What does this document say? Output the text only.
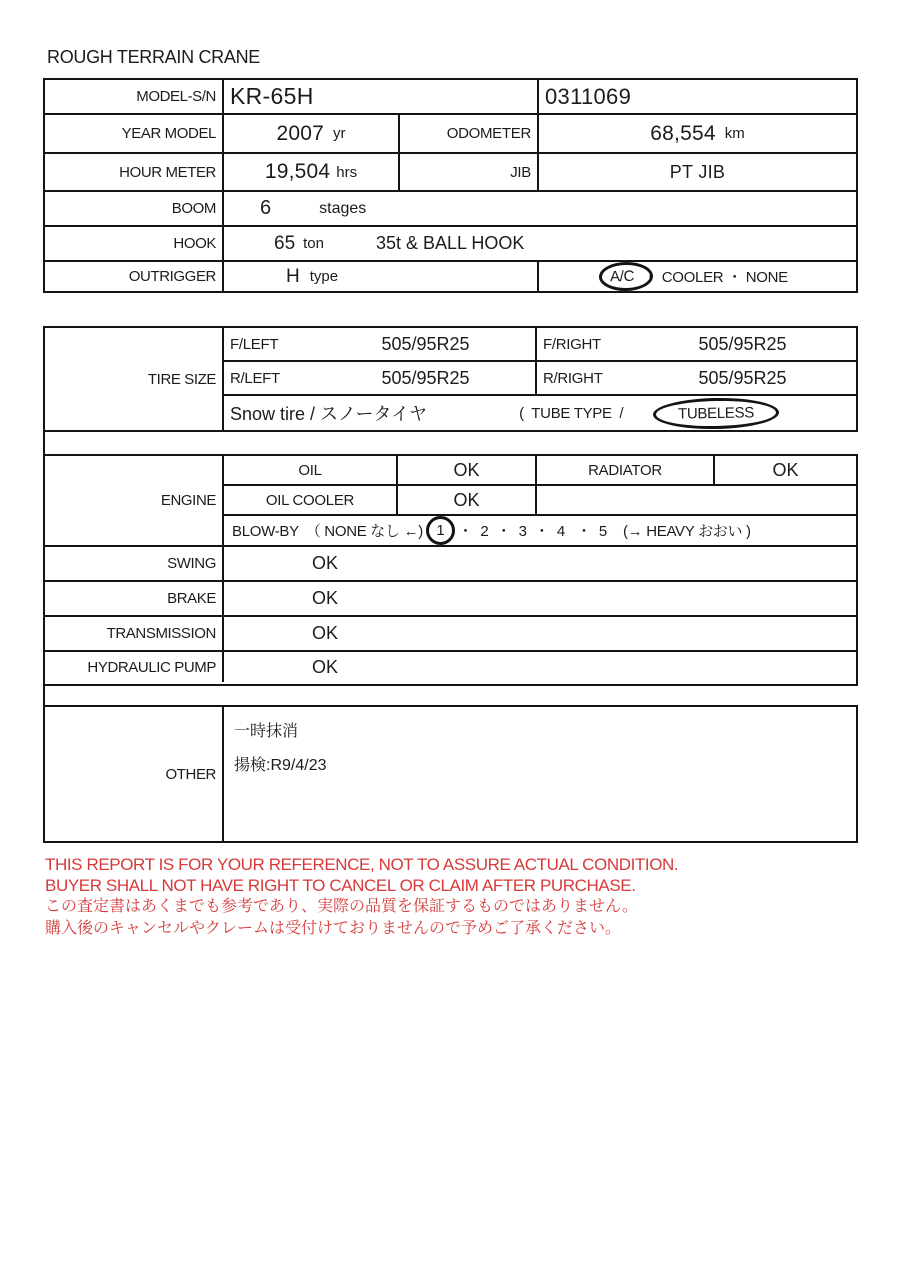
ROUGH TERRAIN CRANE
MODEL-S/N KR-65H	0311069
YEAR MODEL	2007 yr	ODOMETER	68,554 km
HOUR METER	19,504 hrs	JIB	PT JIB
BOOM	6	stages
HOOK	65 ton	35t & BALL HOOK
OUTRIGGER	H type	A/C ・ COOLER ・ NONE
TIRE SIZE
F/LEFT	505/95R25	F/RIGHT	505/95R25
R/LEFT	505/95R25	R/RIGHT	505/95R25
Snow tire / スノータイヤ	(  TUBE TYPE  /	TUBELESS
ENGINE
OIL	OK	RADIATOR	OK
OIL COOLER	OK
BLOW-BY　（ NONE なし ←) 1 ・  2  ・  3  ・  4   ・  5 (→ HEAVY おおい )
SWING	OK
BRAKE	OK
TRANSMISSION	OK
HYDRAULIC PUMP	OK
OTHER
一時抹消
揚検:R9/4/23
THIS REPORT IS FOR YOUR REFERENCE, NOT TO ASSURE ACTUAL CONDITION.
BUYER SHALL NOT HAVE RIGHT TO CANCEL OR CLAIM AFTER PURCHASE.
この査定書はあくまでも参考であり、実際の品質を保証するものではありません。
購入後のキャンセルやクレームは受付けておりませんので予めご了承ください。
